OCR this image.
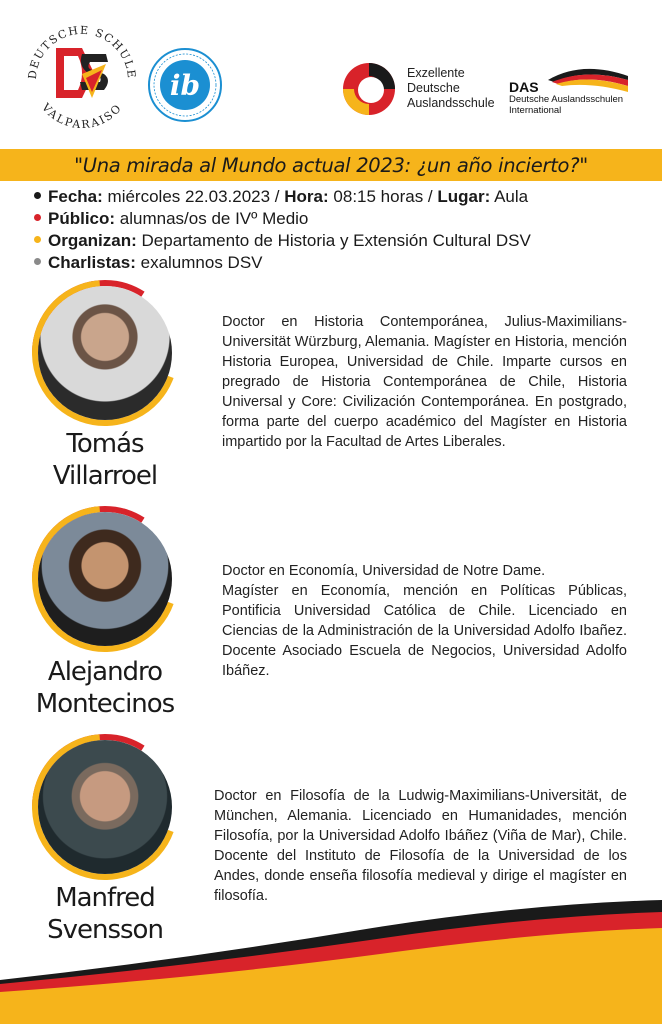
DEUTSCHE SCHULE
VALPARAISO
ib	Exzellente
Deutsche
Auslandsschule
DAS
Deutsche Auslandsschulen
International
"Una mirada al Mundo actual 2023: ¿un año incierto?"
Fecha: miércoles 22.03.2023 / Hora: 08:15 horas / Lugar: Aula
Público: alumnas/os de IVº Medio
Organizan: Departamento de Historia y Extensión Cultural DSV
Charlistas: exalumnos DSV
Tomás
Villarroel
Doctor en Historia Contemporánea, Julius-Maximilians-Universität Würzburg, Alemania. Magíster en Historia, mención Historia Europea, Universidad de Chile. Imparte cursos en pregrado de Historia Contemporánea de Chile, Historia Universal y Core: Civilización Contemporánea. En postgrado, forma parte del cuerpo académico del Magíster en Historia impartido por la Facultad de Artes Liberales.
Alejandro
Montecinos
Doctor en Economía, Universidad de Notre Dame.
Magíster en Economía, mención en Políticas Públicas, Pontificia Universidad Católica de Chile. Licenciado en Ciencias de la Administración de la Universidad Adolfo Ibañez. Docente Asociado Escuela de Negocios, Universidad Adolfo Ibáñez.
Manfred
Svensson
Doctor en Filosofía de la Ludwig-Maximilians-Universität, de München, Alemania. Licenciado en Humanidades, mención Filosofía, por la Universidad Adolfo Ibáñez (Viña de Mar), Chile. Docente del Instituto de Filosofía de la Universidad de los Andes, donde enseña filosofía medieval y dirige el magíster en filosofía.
